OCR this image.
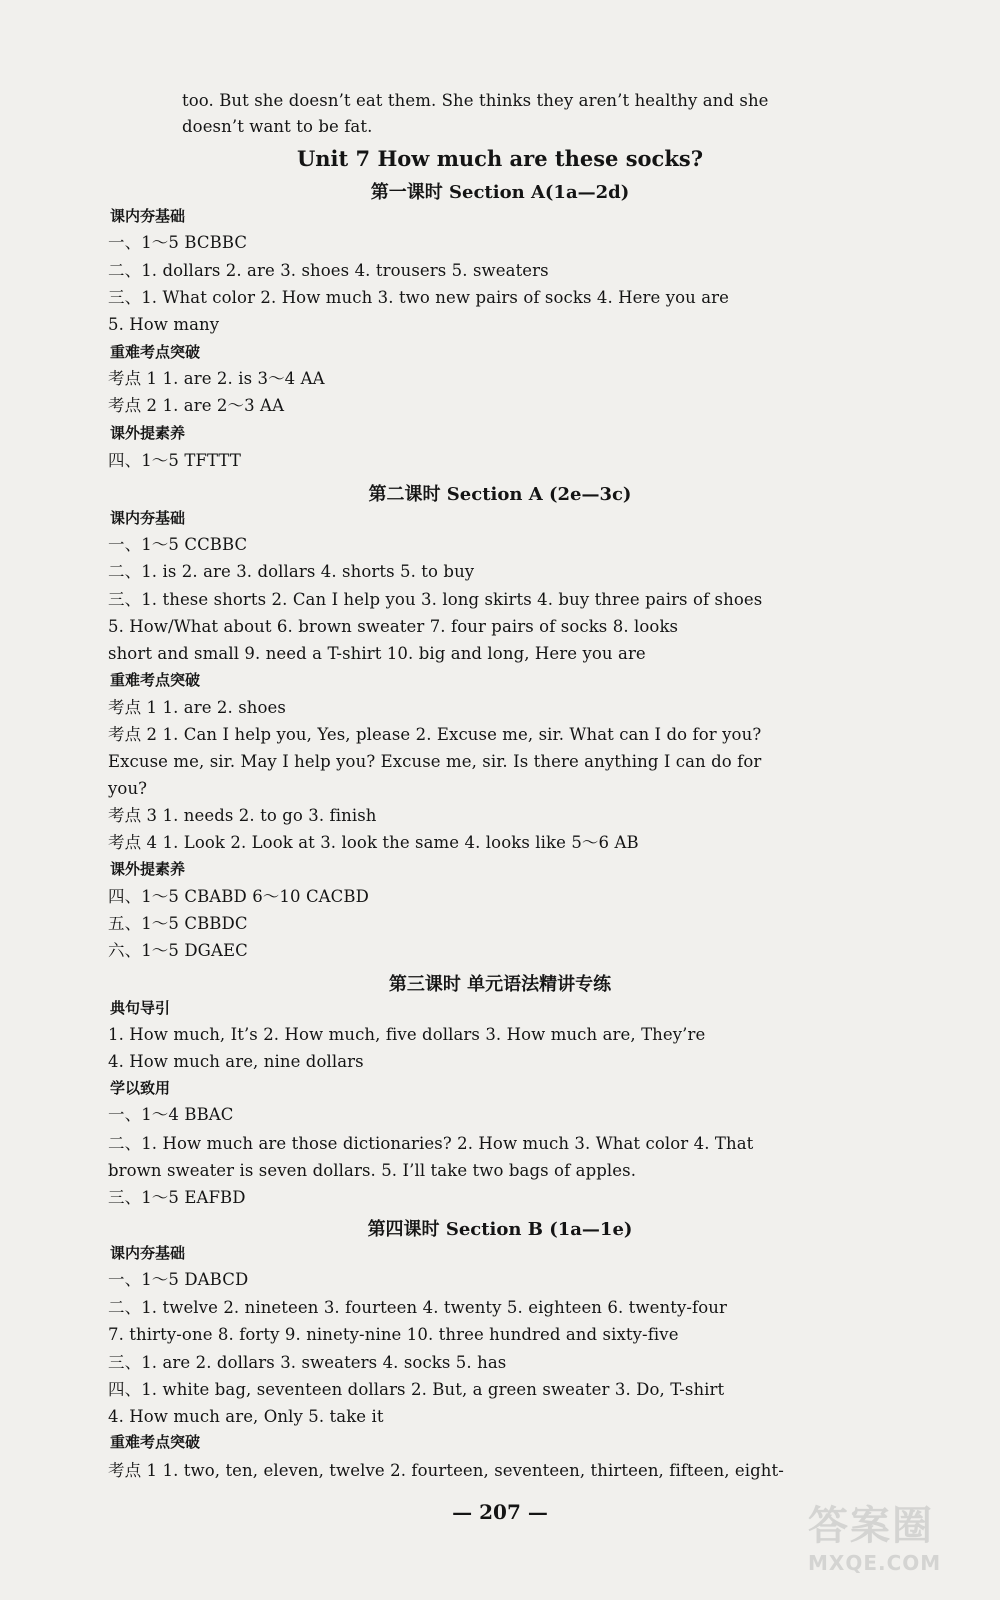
too. But she doesn’t eat them. She thinks they aren’t healthy and she
doesn’t want to be fat.
Unit 7 How much are these socks?
第一课时 Section A(1a—2d)
课内夯基础
一、1～5 BCBBC
二、1. dollars 2. are 3. shoes 4. trousers 5. sweaters
三、1. What color 2. How much 3. two new pairs of socks 4. Here you are
5. How many
重难考点突破
考点 1 1. are 2. is 3～4 AA
考点 2 1. are 2～3 AA
课外提素养
四、1～5 TFTTT
第二课时 Section A (2e—3c)
课内夯基础
一、1～5 CCBBC
二、1. is 2. are 3. dollars 4. shorts 5. to buy
三、1. these shorts 2. Can I help you 3. long skirts 4. buy three pairs of shoes
5. How/What about 6. brown sweater 7. four pairs of socks 8. looks
short and small 9. need a T-shirt 10. big and long, Here you are
重难考点突破
考点 1 1. are 2. shoes
考点 2 1. Can I help you, Yes, please 2. Excuse me, sir. What can I do for you?
Excuse me, sir. May I help you? Excuse me, sir. Is there anything I can do for
you?
考点 3 1. needs 2. to go 3. finish
考点 4 1. Look 2. Look at 3. look the same 4. looks like 5～6 AB
课外提素养
四、1～5 CBABD 6～10 CACBD
五、1～5 CBBDC
六、1～5 DGAEC
第三课时 单元语法精讲专练
典句导引
1. How much, It’s 2. How much, five dollars 3. How much are, They’re
4. How much are, nine dollars
学以致用
一、1～4 BBAC
二、1. How much are those dictionaries? 2. How much 3. What color 4. That
brown sweater is seven dollars. 5. I’ll take two bags of apples.
三、1～5 EAFBD
第四课时 Section B (1a—1e)
课内夯基础
一、1～5 DABCD
二、1. twelve 2. nineteen 3. fourteen 4. twenty 5. eighteen 6. twenty-four
7. thirty-one 8. forty 9. ninety-nine 10. three hundred and sixty-five
三、1. are 2. dollars 3. sweaters 4. socks 5. has
四、1. white bag, seventeen dollars 2. But, a green sweater 3. Do, T-shirt
4. How much are, Only 5. take it
重难考点突破
考点 1 1. two, ten, eleven, twelve 2. fourteen, seventeen, thirteen, fifteen, eight-
— 207 —	答案圈
MXQE.COM
